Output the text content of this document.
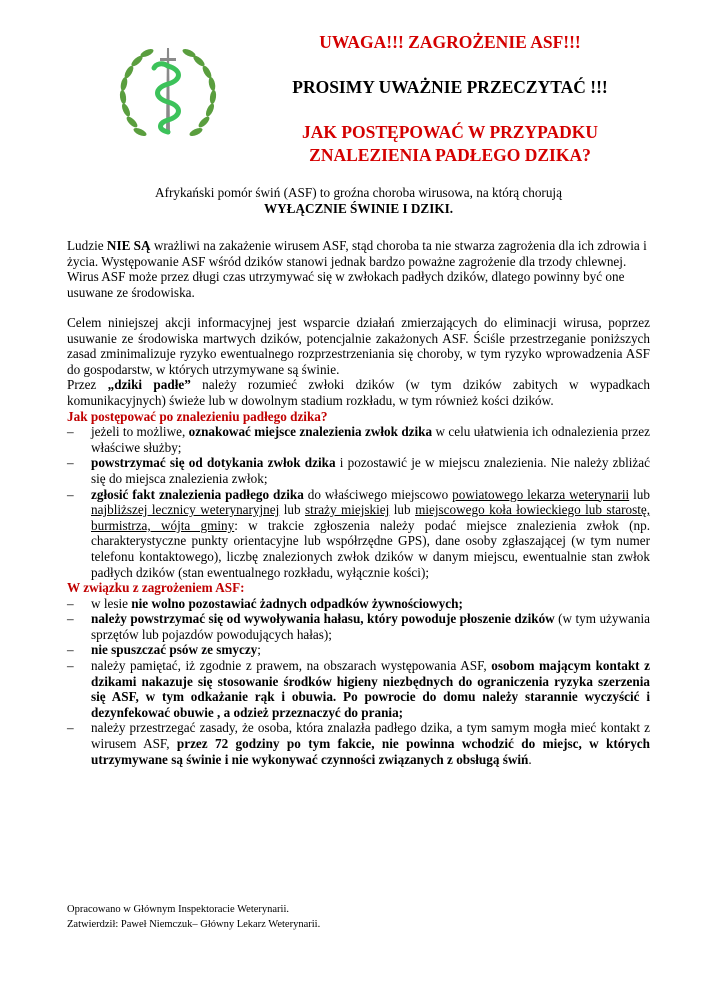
UWAGA!!! ZAGROŻENIE ASF!!!
PROSIMY UWAŻNIE PRZECZYTAĆ !!!
JAK POSTĘPOWAĆ W PRZYPADKU
ZNALEZIENIA PADŁEGO DZIKA?
Afrykański pomór świń (ASF) to groźna choroba wirusowa, na którą chorują
WYŁĄCZNIE ŚWINIE I DZIKI.
Ludzie NIE SĄ wrażliwi na zakażenie wirusem ASF, stąd choroba ta nie stwarza zagrożenia dla ich zdrowia i życia. Występowanie ASF wśród dzików stanowi jednak bardzo poważne zagrożenie dla trzody chlewnej. Wirus ASF może przez długi czas utrzymywać się w zwłokach padłych dzików, dlatego powinny być one usuwane ze środowiska.
Celem niniejszej akcji informacyjnej jest wsparcie działań zmierzających do eliminacji wirusa, poprzez usuwanie ze środowiska martwych dzików, potencjalnie zakażonych ASF. Ściśle przestrzeganie poniższych zasad zminimalizuje ryzyko ewentualnego rozprzestrzeniania się choroby, w tym ryzyko wprowadzenia ASF do gospodarstw, w których utrzymywane są świnie.
Przez „dziki padłe” należy rozumieć zwłoki dzików (w tym dzików zabitych w wypadkach komunikacyjnych) świeże lub w dowolnym stadium rozkładu, w tym również kości dzików.
Jak postępować po znalezieniu padłego dzika?
– jeżeli to możliwe, oznakować miejsce znalezienia zwłok dzika w celu ułatwienia ich odnalezienia przez właściwe służby;
– powstrzymać się od dotykania zwłok dzika i pozostawić je w miejscu znalezienia. Nie należy zbliżać się do miejsca znalezienia zwłok;
– zgłosić fakt znalezienia padłego dzika do właściwego miejscowo powiatowego lekarza weterynarii lub najbliższej lecznicy weterynaryjnej lub straży miejskiej lub miejscowego koła łowieckiego lub starostę, burmistrza, wójta gminy: w trakcie zgłoszenia należy podać miejsce znalezienia zwłok (np. charakterystyczne punkty orientacyjne lub współrzędne GPS), dane osoby zgłaszającej (w tym numer telefonu kontaktowego), liczbę znalezionych zwłok dzików w danym miejscu, ewentualnie stan zwłok padłych dzików (stan ewentualnego rozkładu, wyłącznie kości);
W związku z zagrożeniem ASF:
– w lesie nie wolno pozostawiać żadnych odpadków żywnościowych;
– należy powstrzymać się od wywoływania hałasu, który powoduje płoszenie dzików (w tym używania sprzętów lub pojazdów powodujących hałas);
– nie spuszczać psów ze smyczy;
– należy pamiętać, iż zgodnie z prawem, na obszarach występowania ASF, osobom mającym kontakt z dzikami nakazuje się stosowanie środków higieny niezbędnych do ograniczenia ryzyka szerzenia się ASF, w tym odkażanie rąk i obuwia. Po powrocie do domu należy starannie wyczyścić i dezynfekować obuwie , a odzież przeznaczyć do prania;
– należy przestrzegać zasady, że osoba, która znalazła padłego dzika, a tym samym mogła mieć kontakt z wirusem ASF, przez 72 godziny po tym fakcie, nie powinna wchodzić do miejsc, w których utrzymywane są świnie i nie wykonywać czynności związanych z obsługą świń.
Opracowano w Głównym Inspektoracie Weterynarii.
Zatwierdził: Paweł Niemczuk– Główny Lekarz Weterynarii.
